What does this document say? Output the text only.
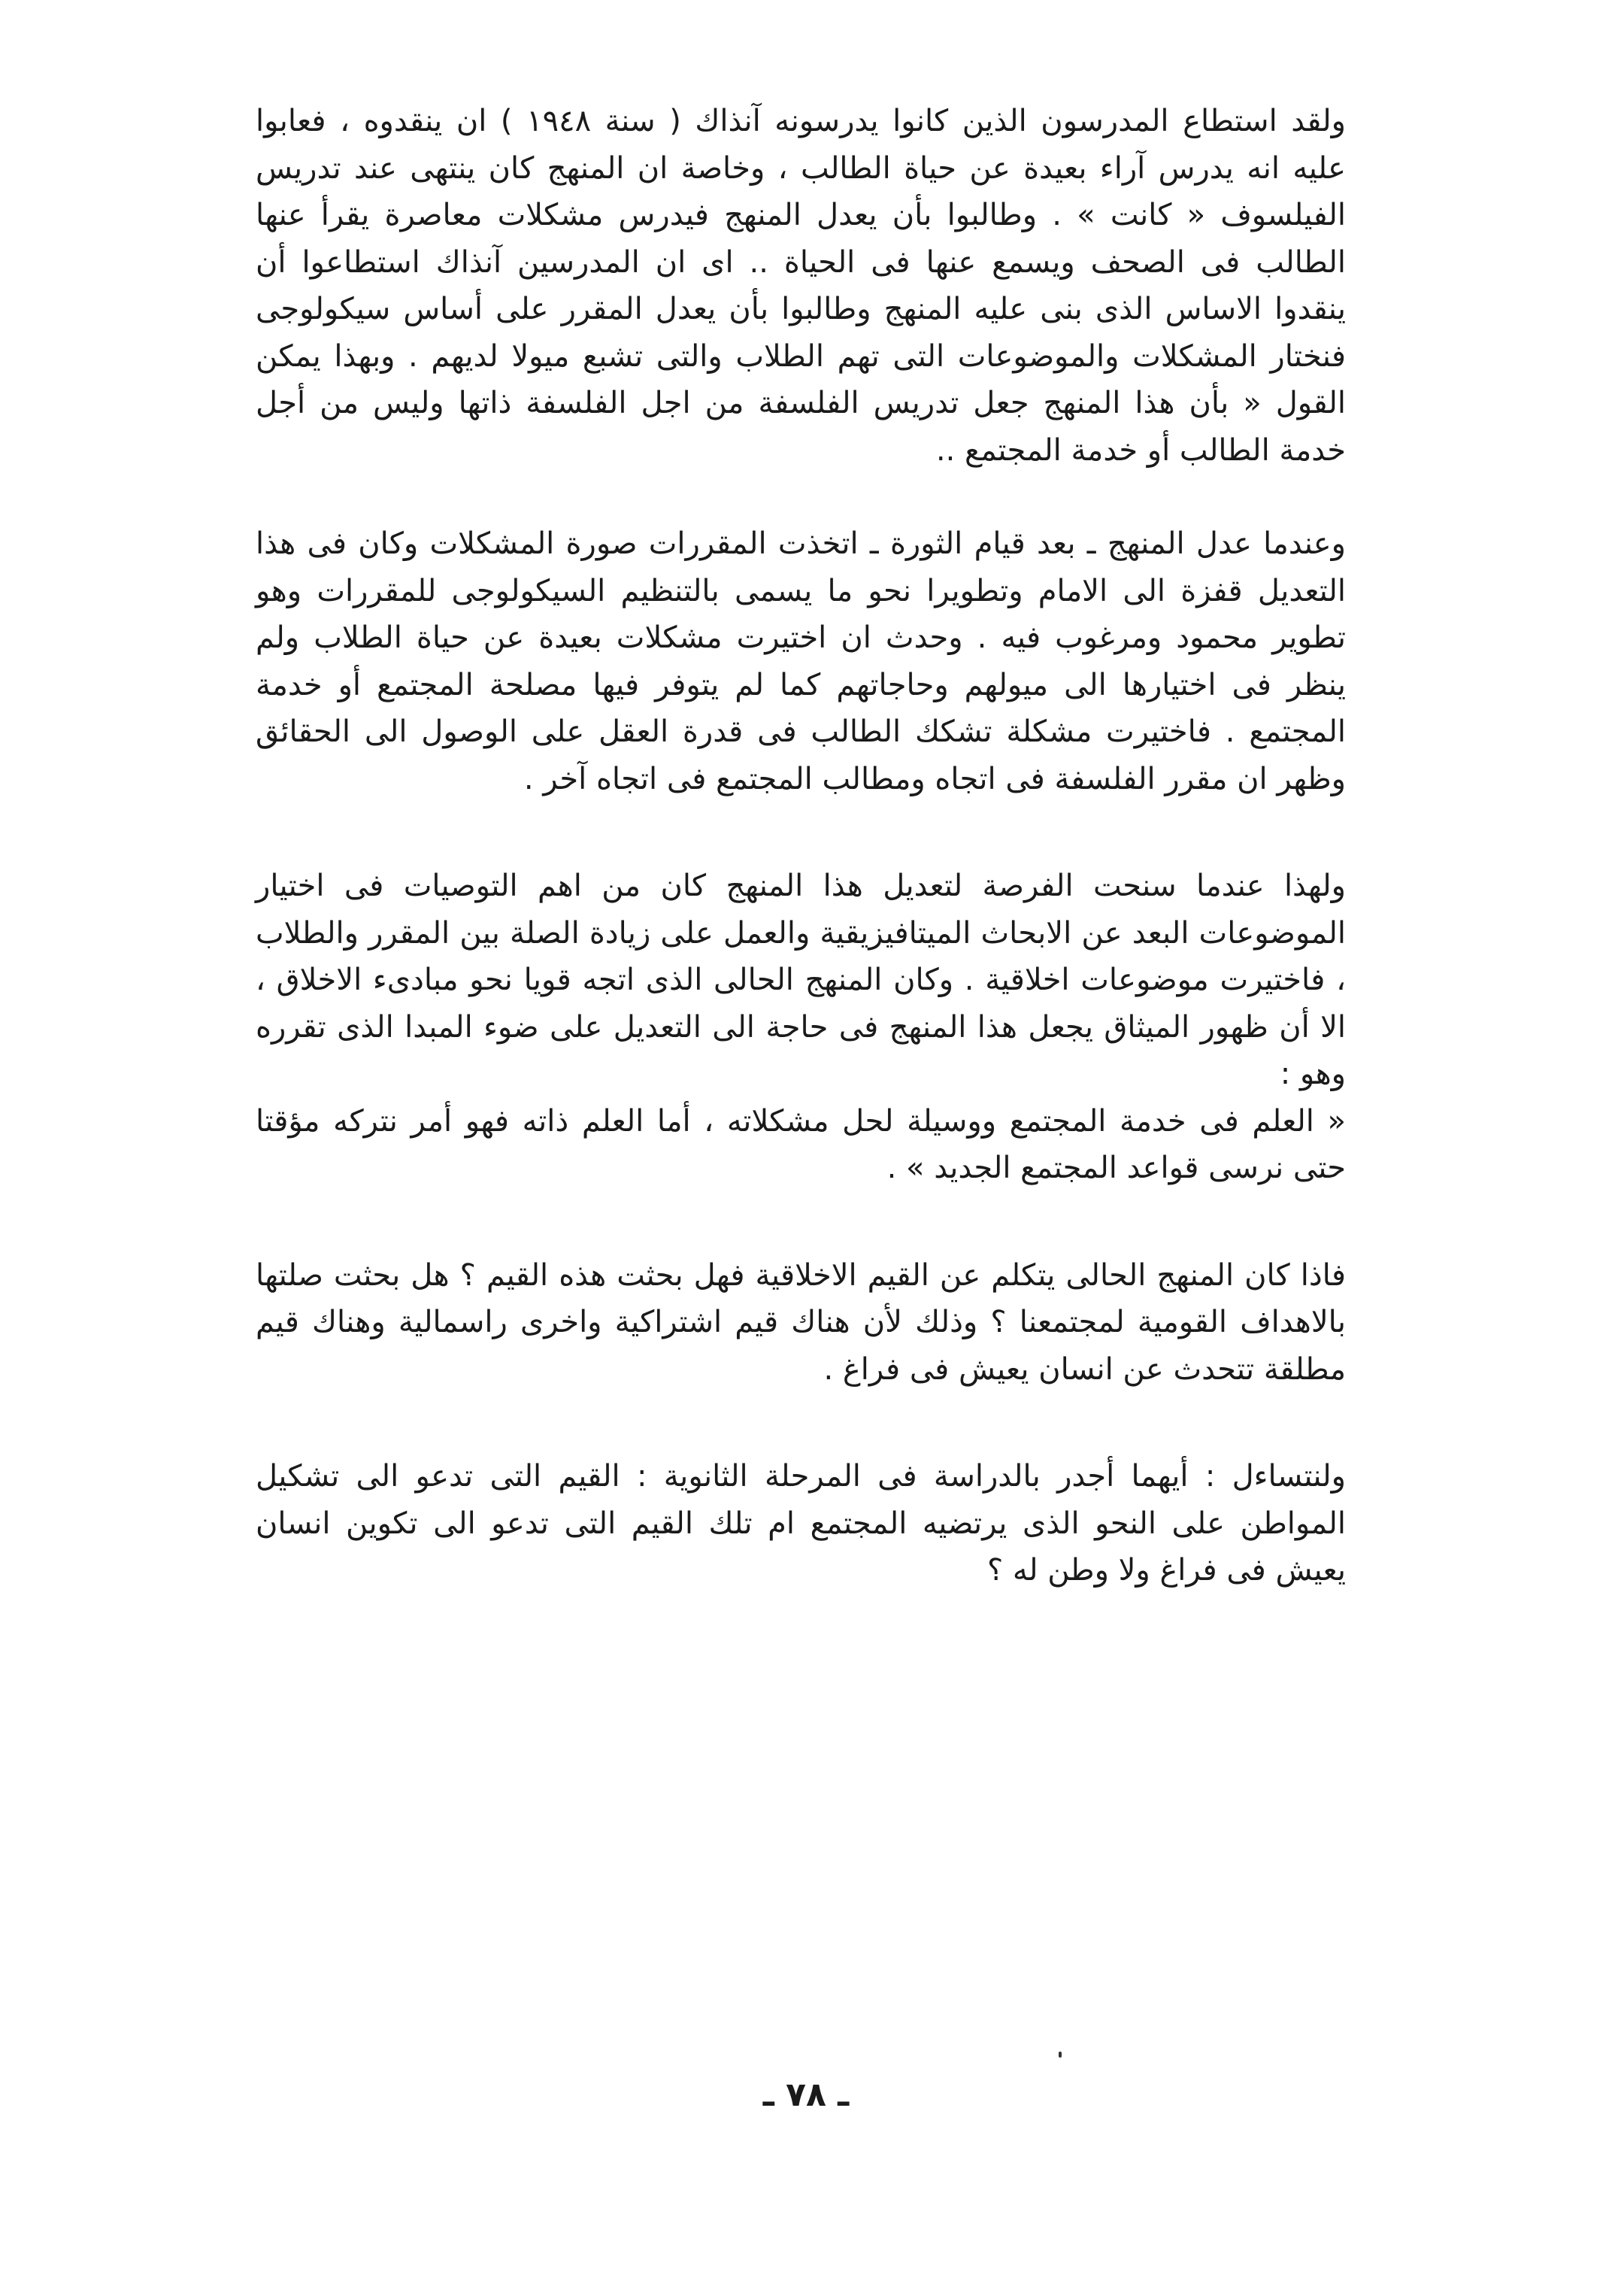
ولقد استطاع المدرسون الذين كانوا يدرسونه آنذاك ( سنة ١٩٤٨ ) ان ينقدوه ، فعابوا عليه انه يدرس آراء بعيدة عن حياة الطالب ، وخاصة ان المنهج كان ينتهى عند تدريس الفيلسوف « كانت » . وطالبوا بأن يعدل المنهج فيدرس مشكلات معاصرة يقرأ عنها الطالب فى الصحف ويسمع عنها فى الحياة .. اى ان المدرسين آنذاك استطاعوا أن ينقدوا الاساس الذى بنى عليه المنهج وطالبوا بأن يعدل المقرر على أساس سيكولوجى فنختار المشكلات والموضوعات التى تهم الطلاب والتى تشبع ميولا لديهم . وبهذا يمكن القول « بأن هذا المنهج جعل تدريس الفلسفة من اجل الفلسفة ذاتها وليس من أجل خدمة الطالب أو خدمة المجتمع ..

وعندما عدل المنهج ـ بعد قيام الثورة ـ اتخذت المقررات صورة المشكلات وكان فى هذا التعديل قفزة الى الامام وتطويرا نحو ما يسمى بالتنظيم السيكولوجى للمقررات وهو تطوير محمود ومرغوب فيه . وحدث ان اختيرت مشكلات بعيدة عن حياة الطلاب ولم ينظر فى اختيارها الى ميولهم وحاجاتهم كما لم يتوفر فيها مصلحة المجتمع أو خدمة المجتمع . فاختيرت مشكلة تشكك الطالب فى قدرة العقل على الوصول الى الحقائق وظهر ان مقرر الفلسفة فى اتجاه ومطالب المجتمع فى اتجاه آخر .

ولهذا عندما سنحت الفرصة لتعديل هذا المنهج كان من اهم التوصيات فى اختيار الموضوعات البعد عن الابحاث الميتافيزيقية والعمل على زيادة الصلة بين المقرر والطلاب ، فاختيرت موضوعات اخلاقية . وكان المنهج الحالى الذى اتجه قويا نحو مبادىء الاخلاق ، الا أن ظهور الميثاق يجعل هذا المنهج فى حاجة الى التعديل على ضوء المبدا الذى تقرره وهو :

« العلم فى خدمة المجتمع ووسيلة لحل مشكلاته ، أما العلم ذاته فهو أمر نتركه مؤقتا حتى نرسى قواعد المجتمع الجديد » .

فاذا كان المنهج الحالى يتكلم عن القيم الاخلاقية فهل بحثت هذه القيم ؟ هل بحثت صلتها بالاهداف القومية لمجتمعنا ؟ وذلك لأن هناك قيم اشتراكية واخرى راسمالية وهناك قيم مطلقة تتحدث عن انسان يعيش فى فراغ .

ولنتساءل : أيهما أجدر بالدراسة فى المرحلة الثانوية : القيم التى تدعو الى تشكيل المواطن على النحو الذى يرتضيه المجتمع ام تلك القيم التى تدعو الى تكوين انسان يعيش فى فراغ ولا وطن له ؟

ـ ٧٨ ـ
